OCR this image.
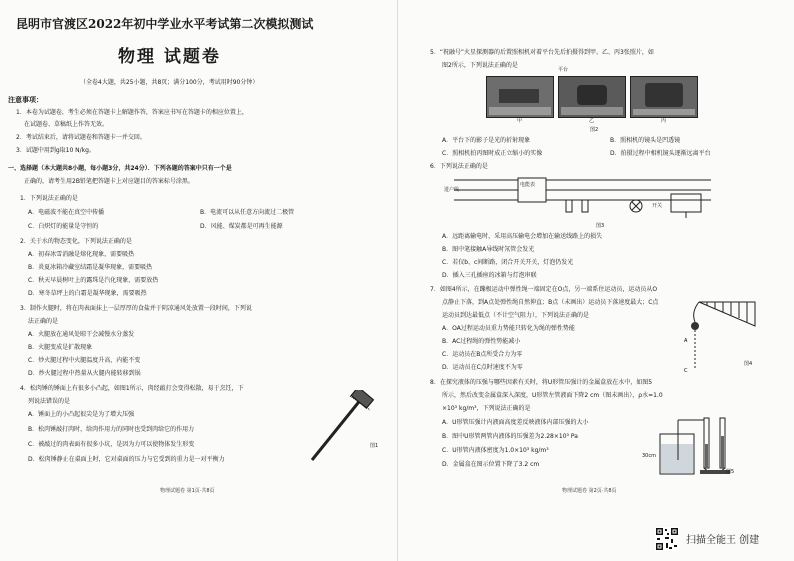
昆明市官渡区2022年初中学业水平考试第二次模拟测试
物理 试题卷
（全卷4大题，共25小题，共8页；满分100分，考试用时90分钟）
注意事项：
1．本卷为试题卷，考生必须在答题卡上解题作答，答案应书写在答题卡的相应位置上，
在试题卷、草稿纸上作答无效。
2．考试结束后，请将试题卷和答题卡一并交回。
3．试题中用到g取10 N/kg。
一、选择题（本大题共8小题，每小题3分，共24分）．下列各题的答案中只有一个是
正确的，请考生用2B铅笔把答题卡上对应题目的答案标号涂黑。
1．下列说法正确的是
A．电磁波不能在真空中传播	B．电流可以从任意方向流过二极管
C．白炽灯的能量是守恒的	D．风能、煤炭都是可再生能源
2．关于水的物态变化，下列说法正确的是
A．初春冰雪消融是熔化现象，需要吸热
B．炎夏冰箱冷藏室结霜是凝华现象，需要吸热
C．秋天早晨树叶上的露珠是汽化现象，需要放热
D．寒冬草坪上的白霜是凝华现象，需要吸热
3．制作火腿时，将在肉表面抹上一层厚厚的食盐并于阴凉通风处放置一段时间，下列说
法正确的是
A．火腿放在通风处晾干会减慢水分蒸发
B．火腿变成是扩散现象
C．炒火腿过程中火腿温度升高，内能不变
D．炒火腿过程中热量从火腿内能转移到锅
4．松肉锤的锤面上有很多小凸起，如图1所示，肉经敲打会变得松散，易于烹饪，下
列说法错误的是
A．锤面上的小凸起很尖是为了增大压强
B．松肉锤敲打肉时，给肉作用力的同时也受到肉给它的作用力
C．被敲过的肉表面有很多小坑，是因为力可以使物体发生形变
D．松肉锤静止在桌面上时，它对桌面的压力与它受到的重力是一对平衡力
图1
物理试题卷 第1页·共8页
5．“祝融号”火星探测器的后置照相机对着平台先后拍摄得到甲、乙、丙3张照片，如
图2所示，下列说法正确的是
平台
甲	乙	丙
图2
A．平台下的影子是光的折射现象	B．照相机的镜头是凹透镜
C．照相机拍丙图时成正立缩小的实像	D．拍摄过程中相机镜头逐渐远离平台
6．下列说法正确的是
进户线
电能表
开关
图3
A．远距离输电时，采用高压输电会增加在输送线路上的损失
B．图中笔接触A导线时氖管会发光
C．若仅b、c间断路，闭合开关开关，灯泡仍发光
D．插入三孔插座的冰箱与灯泡串联
7．如图4所示，在蹦极运动中弹性绳一端固定在O点，另一端系住运动员，运动员从O
点静止下落，到A点处弹性绳自然伸直；B点（未画出）运动员下落速度最大；C点
运动员到达最低点（不计空气阻力），下列说法正确的是
A．OA过程运动员重力势能只转化为绳的弹性势能
B．AC过程绳的弹性势能减小
C．运动员在B点所受合力为零
D．运动员在C点时速度不为零
A
C
图4
8．在探究液体的压强与哪些因素有关时，将U形管压强计的金属盒放在水中，如图5
所示，然后改变金属盒深入深度，U形管左管液面下降2 cm（图未画出），ρ水=1.0
×10³ kg/m³，下列说法正确的是
A．U形管压强计内液面高度差反映液体内部压强的大小
B．图中U形管两管内液体的压强差为2.28×10³ Pa
C．U形管内液体密度为1.0×10³ kg/m³
D．金属盒在图示位置下降了3.2 cm
30cm
图5
物理试题卷 第2页·共8页
扫描全能王 创建
